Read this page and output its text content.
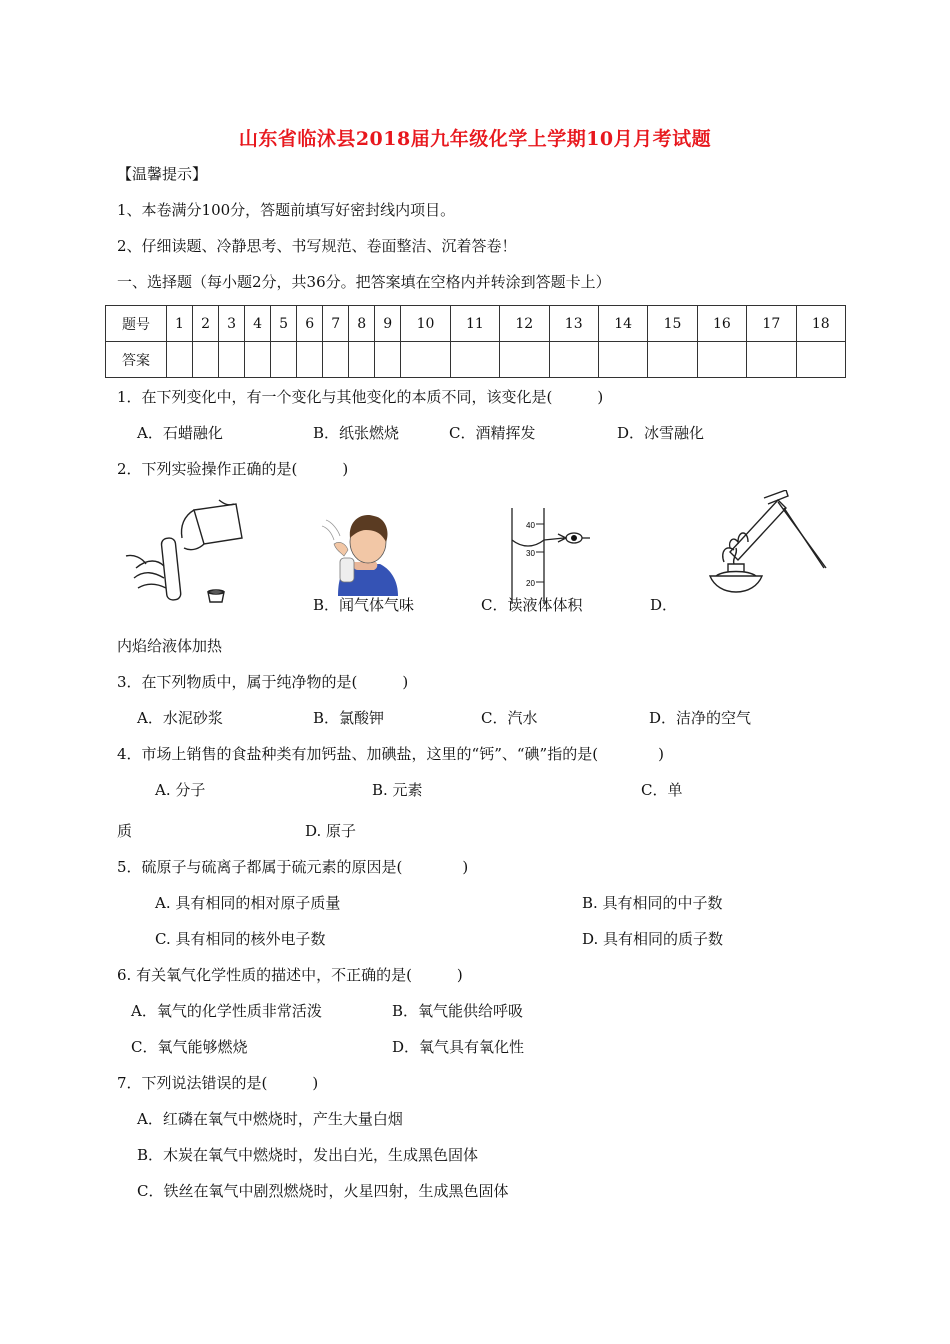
山东省临沭县2018届九年级化学上学期10月月考试题
【温馨提示】
1、本卷满分100分，答题前填写好密封线内项目。
2、仔细读题、冷静思考、书写规范、卷面整洁、沉着答卷！
一、选择题（每小题2分，共36分。把答案填在空格内并转涂到答题卡上）
题号	1	2	3	4	5	6	7	8	9	10	11	12	13	14	15	16	17	18
答案																		
1．在下列变化中，有一个变化与其他变化的本质不同，该变化是(　　　)
A．石蜡融化	B．纸张燃烧	C．酒精挥发	D．冰雪融化
2．下列实验操作正确的是(　　　)
B．闻气体气味
40
30
20
C．读液体体积	D．
内焰给液体加热
3．在下列物质中，属于纯净物的是(　　　)
A．水泥砂浆	B．氯酸钾	C．汽水	D．洁净的空气
4．市场上销售的食盐种类有加钙盐、加碘盐，这里的“钙”、“碘”指的是(　　　　)
A. 分子	B. 元素	C．单
质	D. 原子
5．硫原子与硫离子都属于硫元素的原因是(　　　　)
A. 具有相同的相对原子质量	B. 具有相同的中子数
C. 具有相同的核外电子数	D. 具有相同的质子数
6. 有关氧气化学性质的描述中，不正确的是(　　　)
A．氧气的化学性质非常活泼	B．氧气能供给呼吸
C．氧气能够燃烧	D．氧气具有氧化性
7．下列说法错误的是(　　　)
A．红磷在氧气中燃烧时，产生大量白烟
B．木炭在氧气中燃烧时，发出白光，生成黑色固体
C．铁丝在氧气中剧烈燃烧时，火星四射，生成黑色固体
